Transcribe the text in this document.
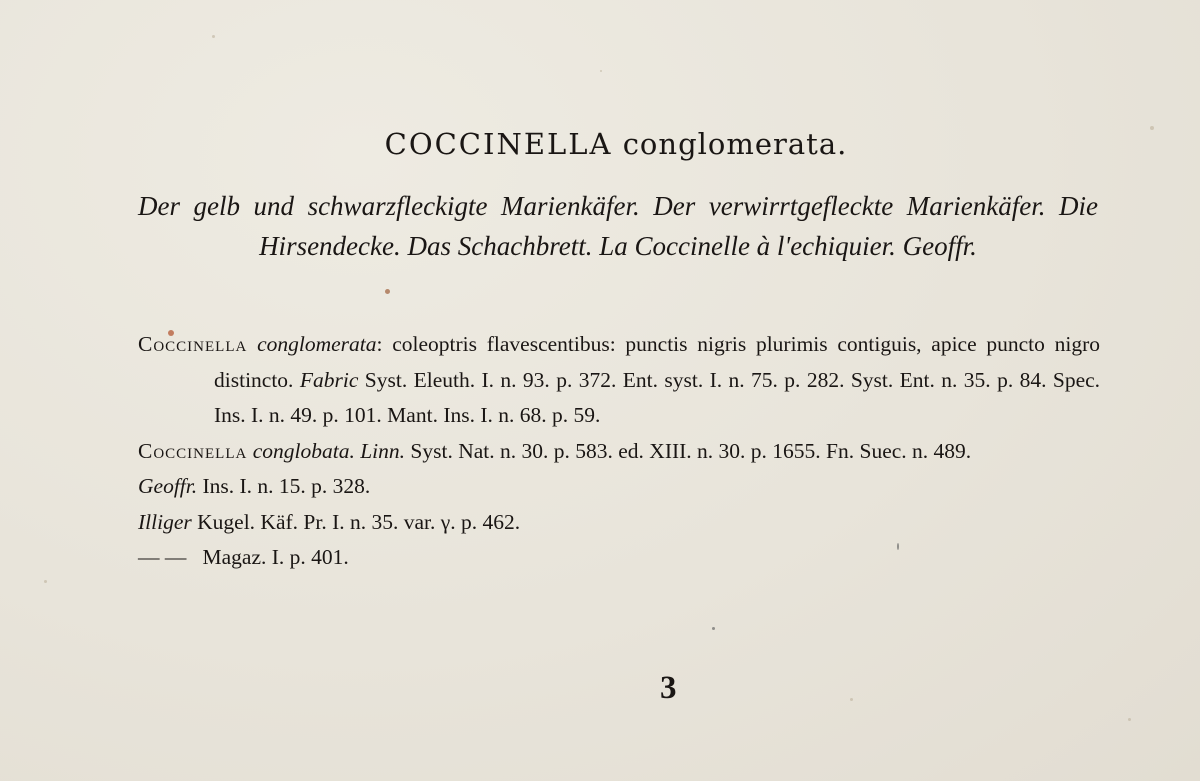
COCCINELLA conglomerata.
Der gelb und schwarzfleckigte Marienkäfer. Der verwirrtgefleckte Marienkäfer. Die Hirsendecke. Das Schachbrett. La Coccinelle à l'echiquier. Geoffr.
Coccinella conglomerata: coleoptris flavescentibus: punctis nigris plurimis contiguis, apice puncto nigro distincto. Fabric Syst. Eleuth. I. n. 93. p. 372. Ent. syst. I. n. 75. p. 282. Syst. Ent. n. 35. p. 84. Spec. Ins. I. n. 49. p. 101. Mant. Ins. I. n. 68. p. 59.
Coccinella conglobata. Linn. Syst. Nat. n. 30. p. 583. ed. XIII. n. 30. p. 1655. Fn. Suec. n. 489.
Geoffr. Ins. I. n. 15. p. 328.
Illiger Kugel. Käf. Pr. I. n. 35. var. γ. p. 462.
— — Magaz. I. p. 401.
3
